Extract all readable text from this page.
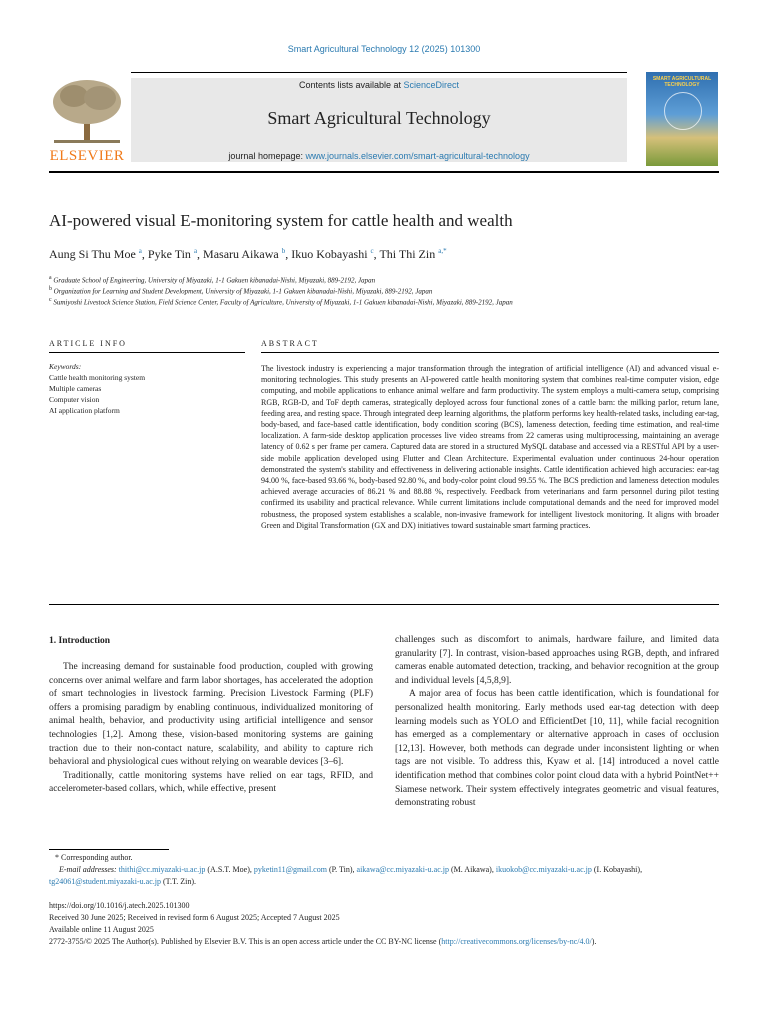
Smart Agricultural Technology 12 (2025) 101300
ELSEVIER
Contents lists available at ScienceDirect
Smart Agricultural Technology
journal homepage: www.journals.elsevier.com/smart-agricultural-technology
SMART AGRICULTURAL TECHNOLOGY
AI-powered visual E-monitoring system for cattle health and wealth
Aung Si Thu Moe $^a$, Pyke Tin $^a$, Masaru Aikawa $^b$, Ikuo Kobayashi $^c$, Thi Thi Zin $^{a,*}$
$^a$ Graduate School of Engineering, University of Miyazaki, 1-1 Gakuen kibanadai-Nishi, Miyazaki, 889-2192, Japan
$^b$ Organization for Learning and Student Development, University of Miyazaki, 1-1 Gakuen kibanadai-Nishi, Miyazaki, 889-2192, Japan
$^c$ Sumiyoshi Livestock Science Station, Field Science Center, Faculty of Agriculture, University of Miyazaki, 1-1 Gakuen kibanadai-Nishi, Miyazaki, 889-2192, Japan
ARTICLE INFO
Keywords:
Cattle health monitoring system
Multiple cameras
Computer vision
AI application platform
ABSTRACT
The livestock industry is experiencing a major transformation through the integration of artificial intelligence (AI) and advanced visual e-monitoring technologies. This study presents an AI-powered cattle health monitoring system that combines real-time computer vision, edge computing, and mobile applications to enhance animal welfare and farm productivity. The system employs a multi-camera setup, comprising RGB, RGB-D, and ToF depth cameras, strategically deployed across four functional zones of a cattle barn: the milking parlor, return lane, feeding area, and resting space. Through integrated deep learning algorithms, the platform performs key health-related tasks, including ear-tag, body-based, and face-based cattle identification, body condition scoring (BCS), lameness detection, feeding time estimation, and real-time localization. A farm-side desktop application processes live video streams from 22 cameras using multiprocessing, maintaining an average latency of 0.62 s per frame per camera. Captured data are stored in a structured MySQL database and accessed via a RESTful API by a user-side mobile application developed using Flutter and Clean Architecture. Experimental evaluation under continuous 24-hour operation demonstrated the system's stability and effectiveness in delivering actionable insights. Cattle identification achieved high accuracies: ear-tag 94.00 %, face-based 93.66 %, body-based 92.80 %, and body-color point cloud 99.55 %. The BCS prediction and lameness detection modules achieved average accuracies of 86.21 % and 88.88 %, respectively. Feedback from veterinarians and farm personnel during pilot testing confirmed its usability and practical relevance. While current limitations include computational demands and the need for improved model robustness, the proposed system establishes a scalable, non-invasive framework for intelligent livestock monitoring. It aligns with broader Green and Digital Transformation (GX and DX) initiatives toward sustainable smart farming practices.
1. Introduction

The increasing demand for sustainable food production, coupled with growing concerns over animal welfare and farm labor shortages, has accelerated the adoption of smart technologies in livestock farming. Precision Livestock Farming (PLF) offers a promising paradigm by enabling continuous, individualized monitoring of animal health, behavior, and productivity using artificial intelligence and sensor technologies [1,2]. Among these, vision-based monitoring systems are gaining traction due to their non-contact nature, scalability, and ability to capture rich behavioral and physiological cues without relying on wearable devices [3–6].

Traditionally, cattle monitoring systems have relied on ear tags, RFID, and accelerometer-based collars, which, while effective, present

challenges such as discomfort to animals, hardware failure, and limited data granularity [7]. In contrast, vision-based approaches using RGB, depth, and infrared cameras enable automated detection, tracking, and behavior recognition at the group and individual levels [4,5,8,9].

A major area of focus has been cattle identification, which is foundational for personalized health monitoring. Early methods used ear-tag detection with deep learning models such as YOLO and EfficientDet [10, 11], while facial recognition has emerged as a complementary or alternative approach in cases of occlusion [12,13]. However, both methods can degrade under inconsistent lighting or when tags are not visible. To address this, Kyaw et al. [14] introduced a novel cattle identification method that combines color point cloud data with a hybrid PointNet++ Siamese network. Their system effectively integrates geometric and visual features, demonstrating robust

* Corresponding author.
E-mail addresses: thithi@cc.miyazaki-u.ac.jp (A.S.T. Moe), pyketin11@gmail.com (P. Tin), aikawa@cc.miyazaki-u.ac.jp (M. Aikawa), ikuokob@cc.miyazaki-u.ac.jp (I. Kobayashi), tg24061@student.miyazaki-u.ac.jp (T.T. Zin).
https://doi.org/10.1016/j.atech.2025.101300
Received 30 June 2025; Received in revised form 6 August 2025; Accepted 7 August 2025
Available online 11 August 2025
2772-3755/© 2025 The Author(s). Published by Elsevier B.V. This is an open access article under the CC BY-NC license (http://creativecommons.org/licenses/by-nc/4.0/).
